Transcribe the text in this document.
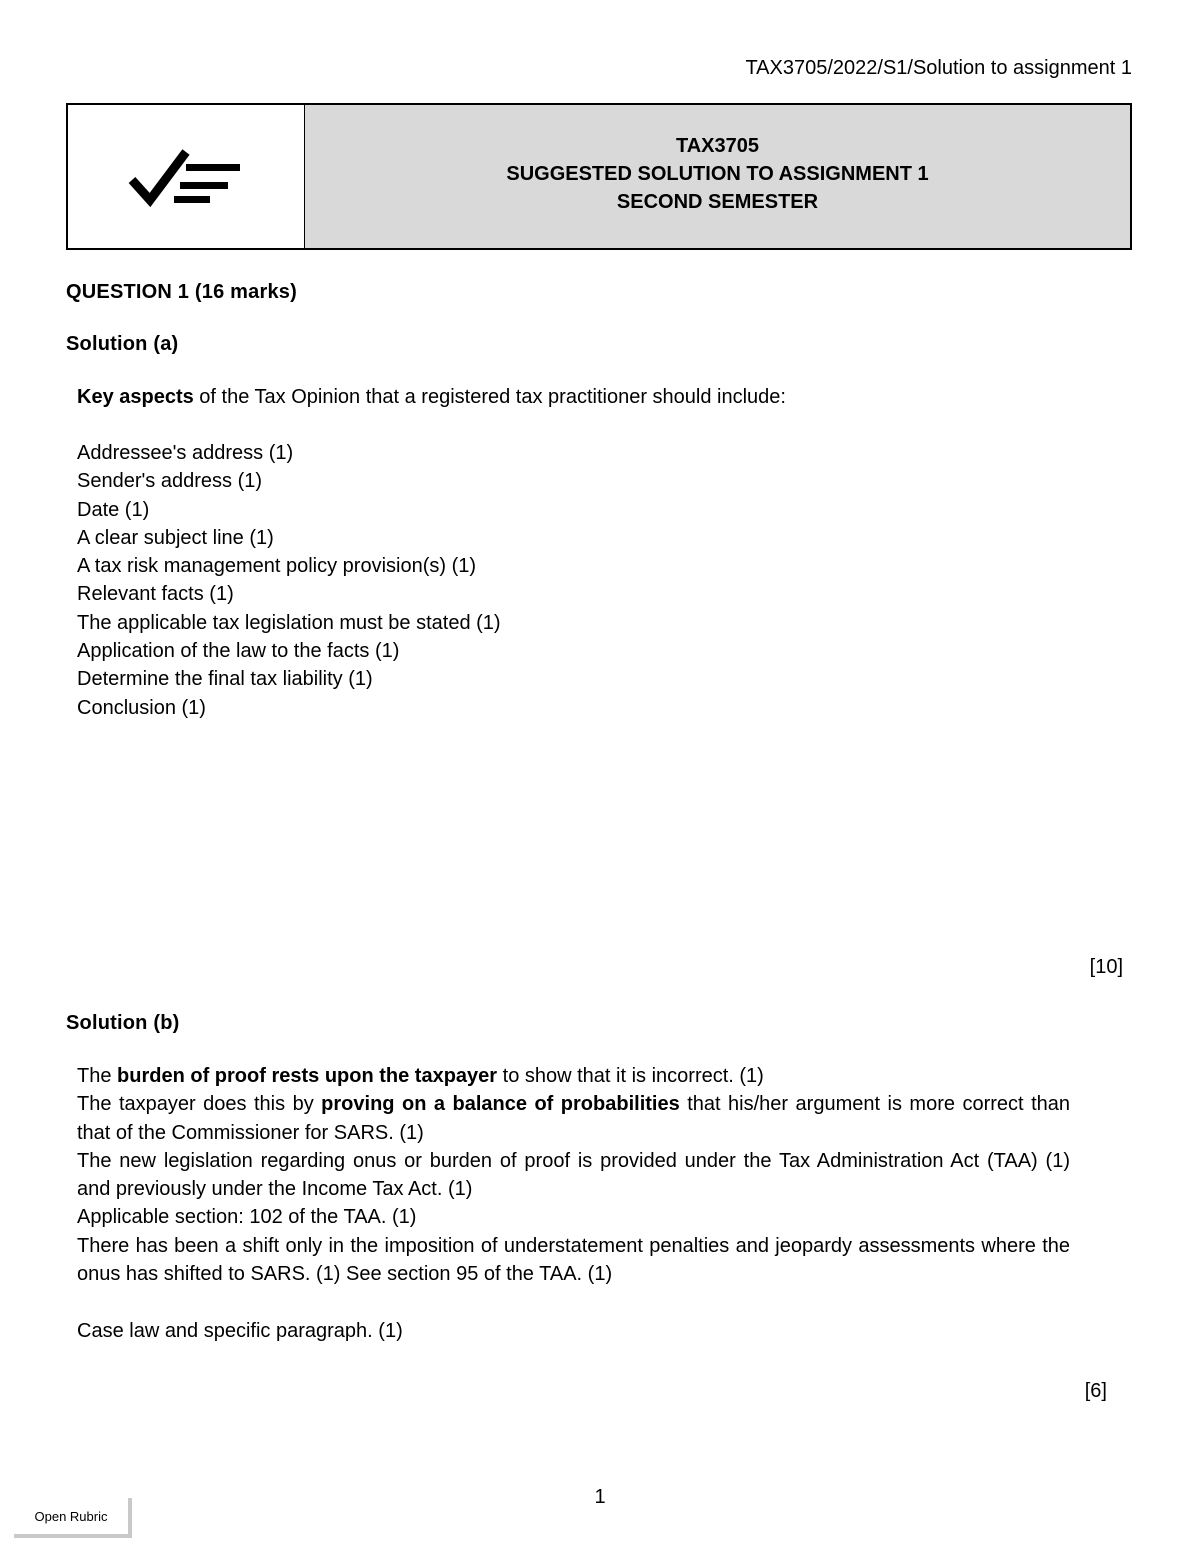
TAX3705/2022/S1/Solution to assignment 1
TAX3705
SUGGESTED SOLUTION TO ASSIGNMENT 1
SECOND SEMESTER
QUESTION 1 (16 marks)
Solution (a)
Key aspects of the Tax Opinion that a registered tax practitioner should include:
Addressee's address (1)
Sender's address (1)
Date (1)
A clear subject line (1)
A tax risk management policy provision(s) (1)
Relevant facts (1)
The applicable tax legislation must be stated (1)
Application of the law to the facts (1)
Determine the final tax liability (1)
Conclusion (1)
[10]
Solution (b)
The burden of proof rests upon the taxpayer to show that it is incorrect. (1)
The taxpayer does this by proving on a balance of probabilities that his/her argument is more correct than that of the Commissioner for SARS. (1)
The new legislation regarding onus or burden of proof is provided under the Tax Administration Act (TAA) (1) and previously under the Income Tax Act. (1)
Applicable section: 102 of the TAA. (1)
There has been a shift only in the imposition of understatement penalties and jeopardy assessments where the onus has shifted to SARS. (1) See section 95 of the TAA. (1)
Case law and specific paragraph. (1)
[6]
1
Open Rubric
